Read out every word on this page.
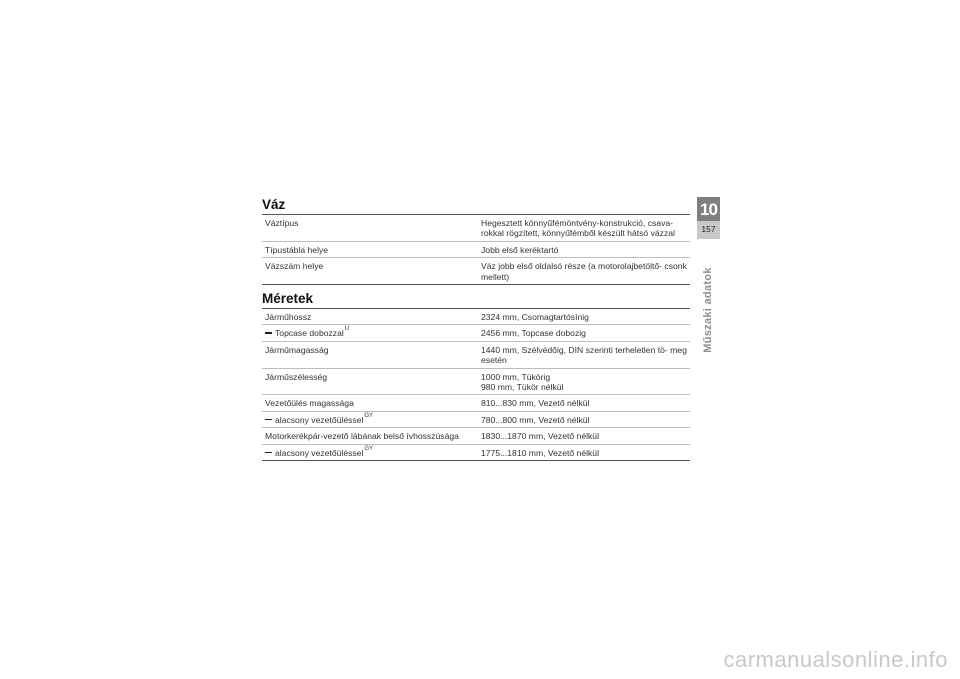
Váz
Váztípus	Hegesztett könnyűfémöntvény-konstrukció, csava- rokkal rögzített, könnyűfémből készült hátsó vázzal
Típustábla helye	Jobb első keréktartó
Vázszám helye	Váz jobb első oldalsó része (a motorolajbetöltő- csonk mellett)
Méretek
Járműhossz	2324 mm, Csomagtartósínig
Topcase dobozzal$^U$	2456 mm, Topcase dobozig
Járműmagasság	1440 mm, Szélvédőig, DIN szerinti terheletlen tö- meg esetén
Járműszélesség	1000 mm, Tükörig
980 mm, Tükör nélkül

Vezetőülés magassága	810...830 mm, Vezető nélkül
alacsony vezetőüléssel$^{GY}$	780...800 mm, Vezető nélkül
Motorkerékpár-vezető lábának belső ívhosszúsága	1830...1870 mm, Vezető nélkül
alacsony vezetőüléssel$^{GY}$	1775...1810 mm, Vezető nélkül
10
157
Műszaki adatok
carmanualsonline.info
